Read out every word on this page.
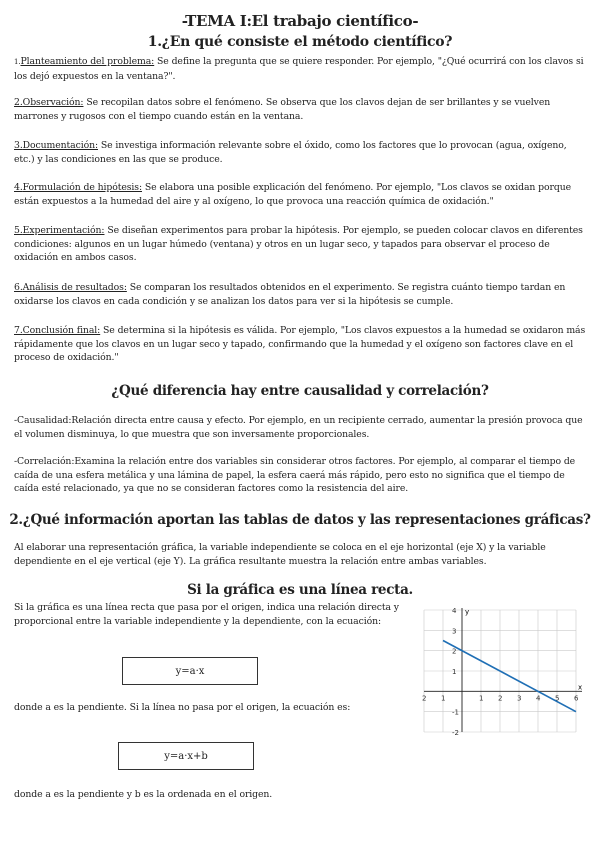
-TEMA I:El trabajo científico-
1.¿En qué consiste el método científico?
1.Planteamiento del problema: Se define la pregunta que se quiere responder. Por ejemplo, "¿Qué ocurrirá con los clavos si los dejó expuestos en la ventana?".
2.Observación: Se recopilan datos sobre el fenómeno. Se observa que los clavos dejan de ser brillantes y se vuelven marrones y rugosos con el tiempo cuando están en la ventana.
3.Documentación: Se investiga información relevante sobre el óxido, como los factores que lo provocan (agua, oxígeno, etc.) y las condiciones en las que se produce.
4.Formulación de hipótesis: Se elabora una posible explicación del fenómeno. Por ejemplo, "Los clavos se oxidan porque están expuestos a la humedad del aire y al oxígeno, lo que provoca una reacción química de oxidación."
5.Experimentación: Se diseñan experimentos para probar la hipótesis. Por ejemplo, se pueden colocar clavos en diferentes condiciones: algunos en un lugar húmedo (ventana) y otros en un lugar seco, y tapados para observar el proceso de oxidación en ambos casos.
6.Análisis de resultados: Se comparan los resultados obtenidos en el experimento. Se registra cuánto tiempo tardan en oxidarse los clavos en cada condición y se analizan los datos para ver si la hipótesis se cumple.
7.Conclusión final: Se determina si la hipótesis es válida. Por ejemplo, "Los clavos expuestos a la humedad se oxidaron más rápidamente que los clavos en un lugar seco y tapado, confirmando que la humedad y el oxígeno son factores clave en el proceso de oxidación."
¿Qué diferencia hay entre causalidad y correlación?
-Causalidad:Relación directa entre causa y efecto. Por ejemplo, en un recipiente cerrado, aumentar la presión provoca que el volumen disminuya, lo que muestra que son inversamente proporcionales.
-Correlación:Examina la relación entre dos variables sin considerar otros factores. Por ejemplo, al comparar el tiempo de caída de una esfera metálica y una lámina de papel, la esfera caerá más rápido, pero esto no significa que el tiempo de caída esté relacionado, ya que no se consideran factores como la resistencia del aire.
2.¿Qué información aportan las tablas de datos y las representaciones gráficas?
Al elaborar una representación gráfica, la variable independiente se coloca en el eje horizontal (eje X) y la variable dependiente en el eje vertical (eje Y). La gráfica resultante muestra la relación entre ambas variables.
Si la gráfica es una línea recta.
Si la gráfica es una línea recta que pasa por el origen, indica una relación directa y proporcional entre la variable independiente y la dependiente, con la ecuación:
y=a·x
donde a es la pendiente. Si la línea no pasa por el origen, la ecuación es:
y=a·x+b
donde a es la pendiente y b es la ordenada en el origen.
2 1	1 2 3 4 5 6
4
3
2
1
-1
-2
x
y
